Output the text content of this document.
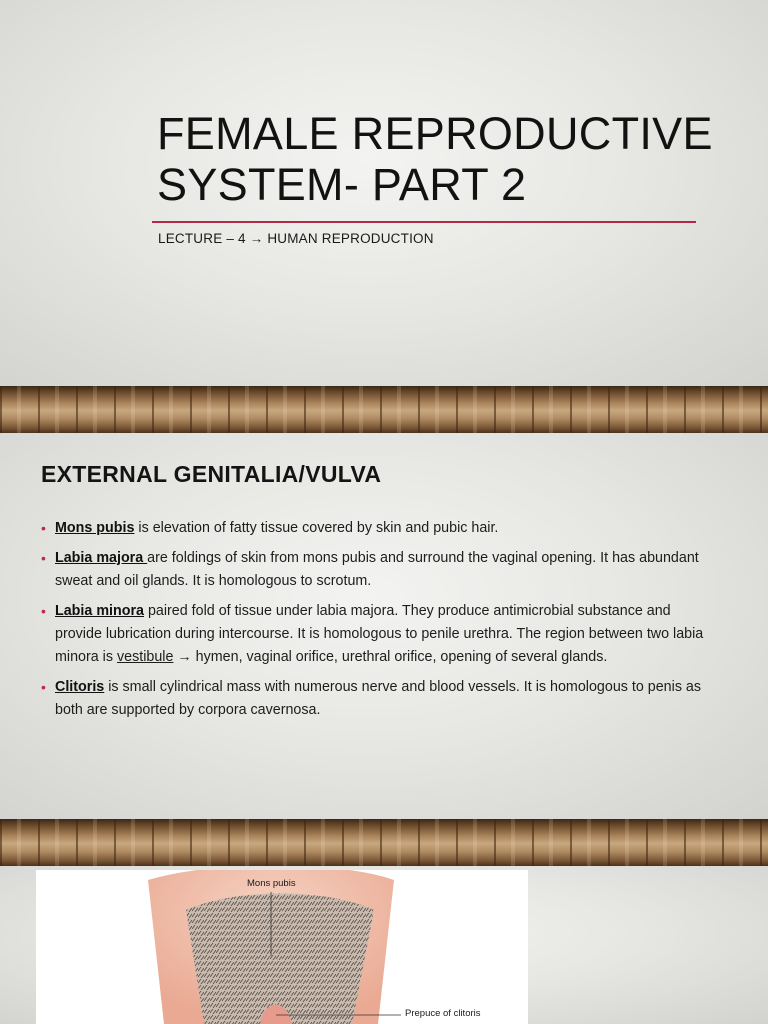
FEMALE REPRODUCTIVE
SYSTEM- PART 2
LECTURE – 4 → HUMAN REPRODUCTION
EXTERNAL GENITALIA/VULVA
• Mons pubis is elevation of fatty tissue covered by skin and pubic hair.
• Labia majora are foldings of skin from mons pubis and surround the vaginal opening. It has abundant sweat and oil glands. It is homologous to scrotum.
• Labia minora paired fold of tissue under labia majora. They produce antimicrobial substance and provide lubrication during intercourse. It is homologous to penile urethra. The region between two labia minora is vestibule → hymen, vaginal orifice, urethral orifice, opening of several glands.
• Clitoris is small cylindrical mass with numerous nerve and blood vessels. It is homologous to penis as both are supported by corpora cavernosa.
Mons pubis
Prepuce of clitoris
